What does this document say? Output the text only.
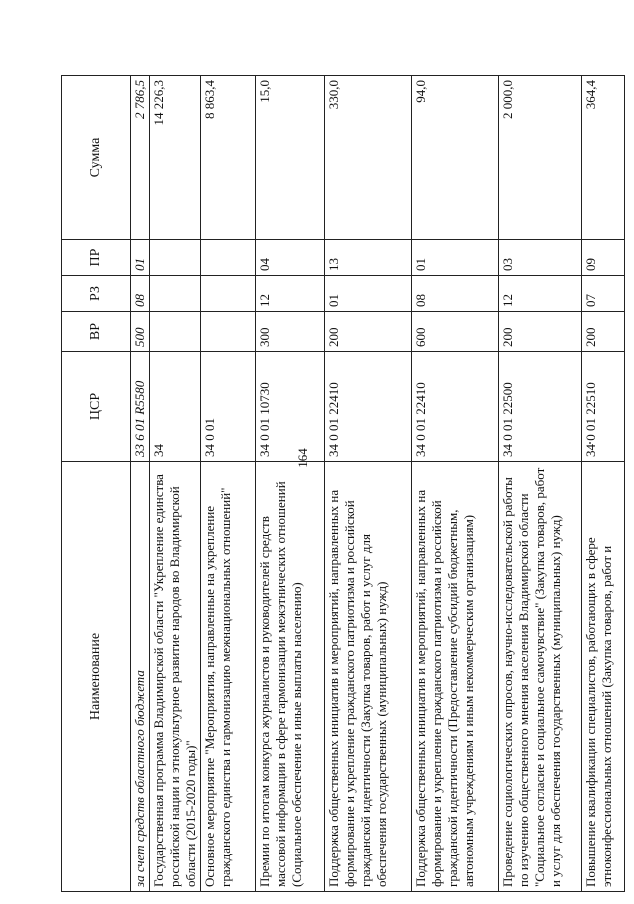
164
Наименование	ЦСР	ВР	РЗ	ПР	Сумма
за счет средств областного бюджета	33 6 01 R5580	500	08	01	2 786,5
Государственная программа Владимирской области "Укрепление единства российской нации и этнокультурное развитие народов во Владимирской области (2015-2020 годы)"	34				14 226,3
Основное мероприятие "Мероприятия, направленные на укрепление гражданского единства и гармонизацию межнациональных отношений"	34 0 01				8 863,4
Премии по итогам конкурса журналистов и руководителей средств массовой информации в сфере гармонизации межэтнических отношений (Социальное обеспечение и иные выплаты населению)	34 0 01 10730	300	12	04	15,0
Поддержка общественных инициатив и мероприятий, направленных на формирование и укрепление гражданского патриотизма и российской гражданской идентичности (Закупка товаров, работ и услуг для обеспечения государственных (муниципальных) нужд)	34 0 01 22410	200	01	13	330,0
Поддержка общественных инициатив и мероприятий, направленных на формирование и укрепление гражданского патриотизма и российской гражданской идентичности (Предоставление субсидий бюджетным, автономным учреждениям и иным некоммерческим организациям)	34 0 01 22410	600	08	01	94,0
Проведение социологических опросов, научно-исследовательской работы по изучению общественного мнения населения Владимирской области "Социальное согласие и социальное самочувствие" (Закупка товаров, работ и услуг для обеспечения государственных (муниципальных) нужд)	34 0 01 22500	200	12	03	2 000,0
Повышение квалификации специалистов, работающих в сфере этноконфессиональных отношений (Закупка товаров, работ и	34 0 01 22510	200	07	09	364,4
